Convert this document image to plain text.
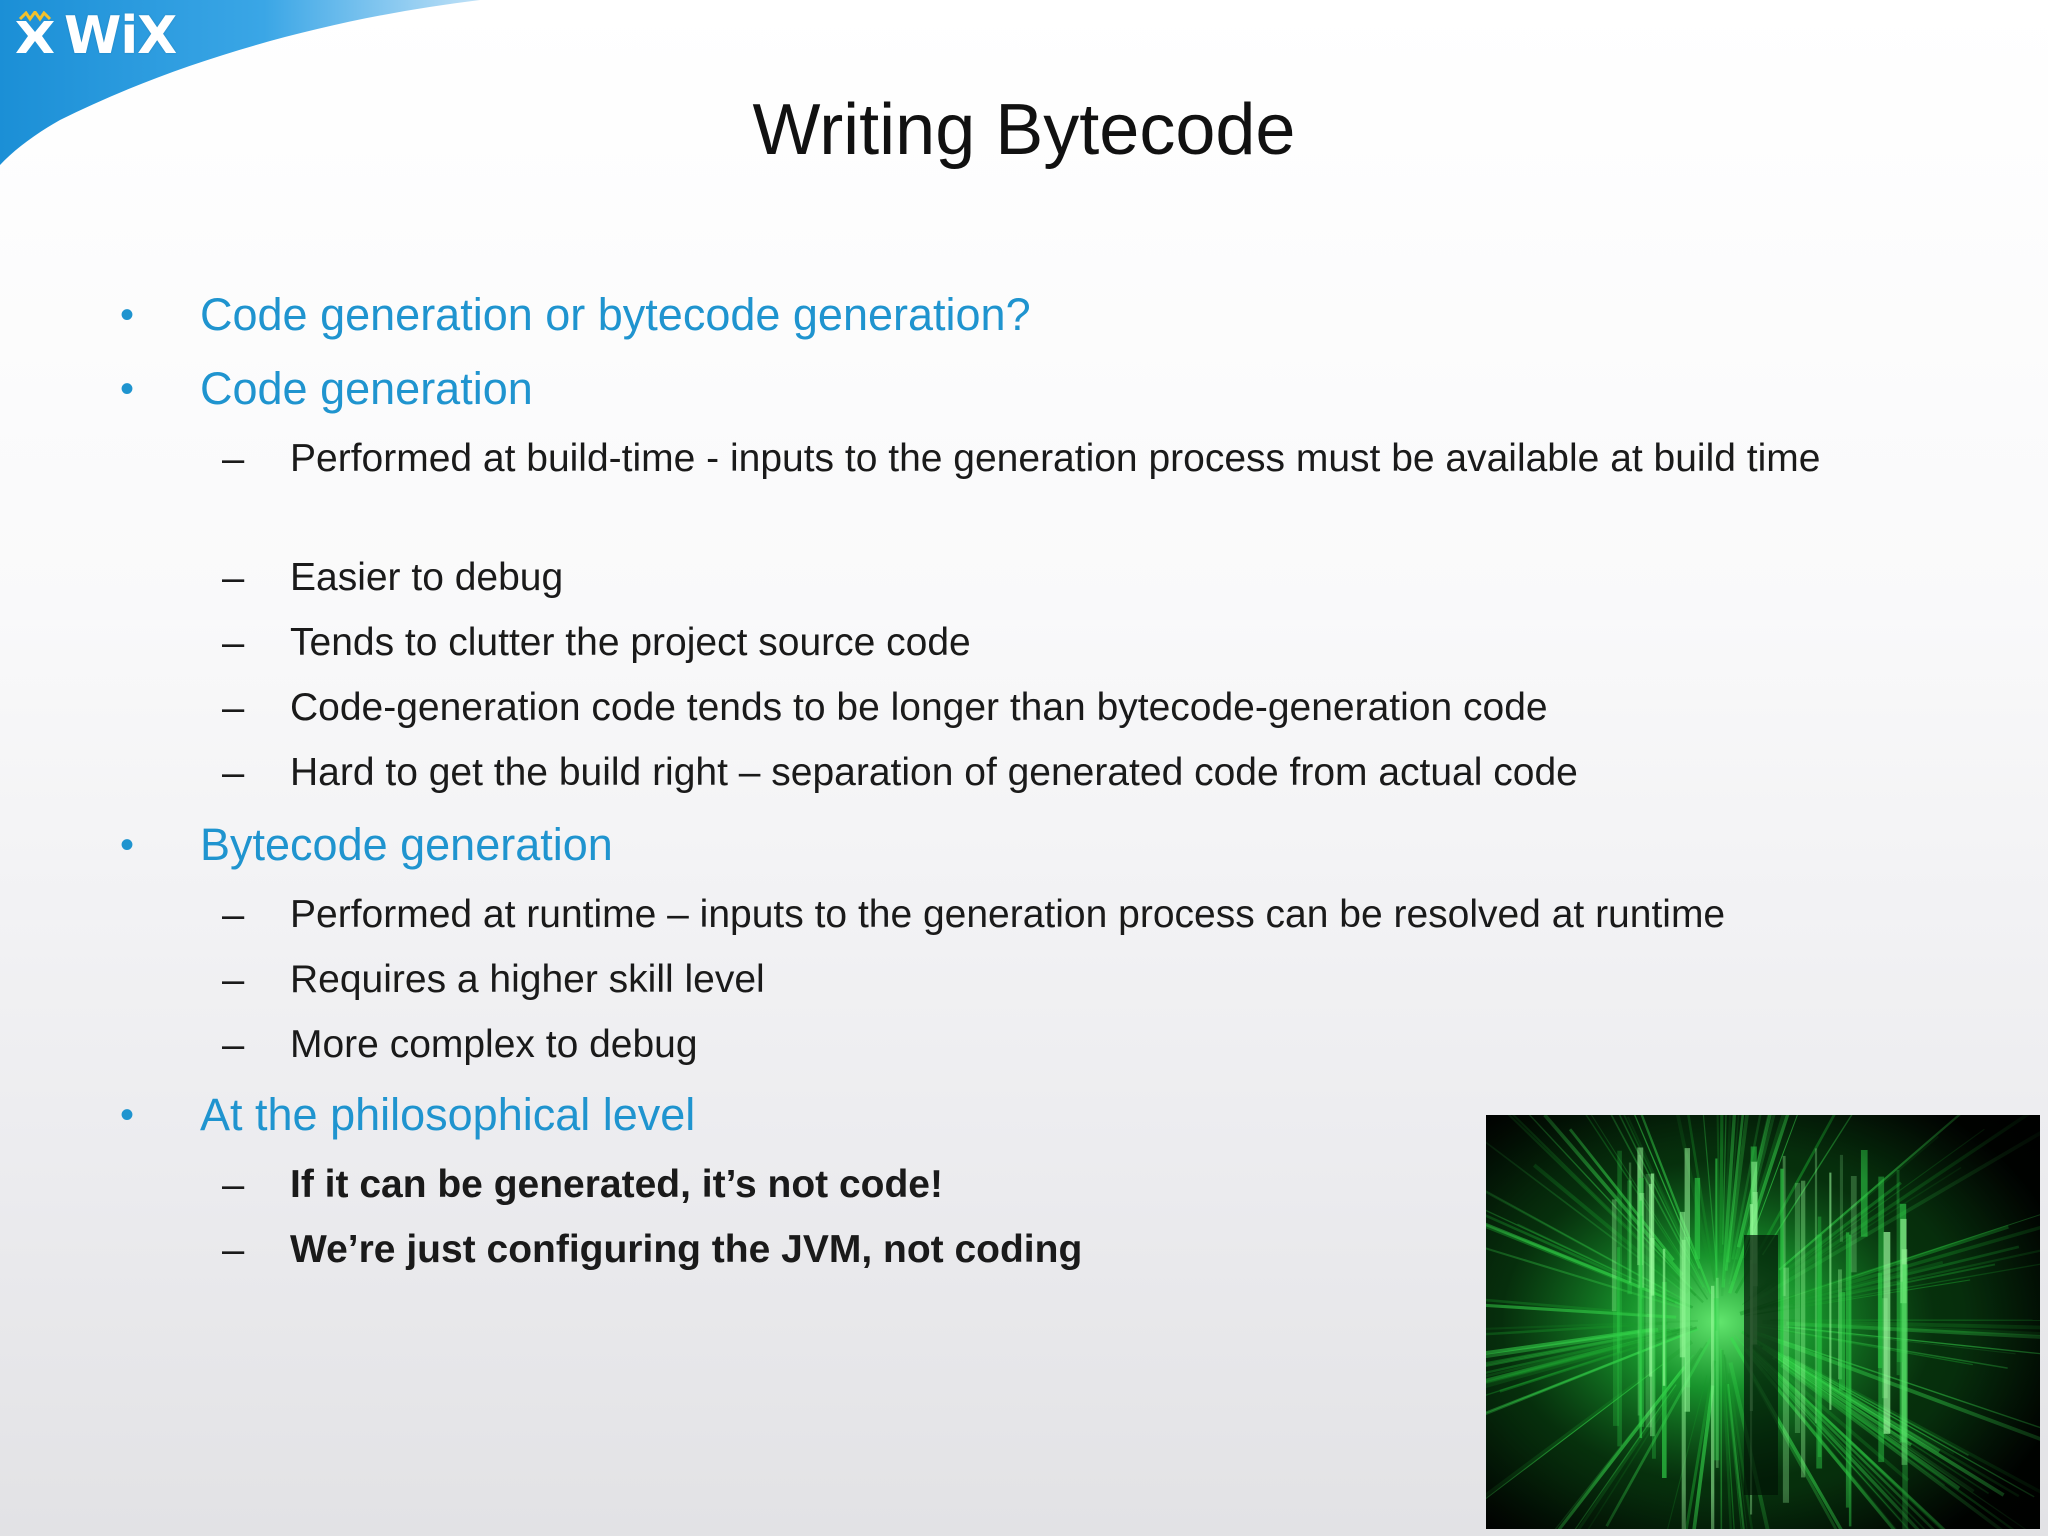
WiX
Writing Bytecode
• Code generation or bytecode generation?
• Code generation
– Performed at build-time - inputs to the generation process must be available at build time
– Easier to debug
– Tends to clutter the project source code
– Code-generation code tends to be longer than bytecode-generation code
– Hard to get the build right – separation of generated code from actual code
• Bytecode generation
– Performed at runtime – inputs to the generation process can be resolved at runtime
– Requires a higher skill level
– More complex to debug
• At the philosophical level
– If it can be generated, it’s not code!
– We’re just configuring the JVM, not coding
